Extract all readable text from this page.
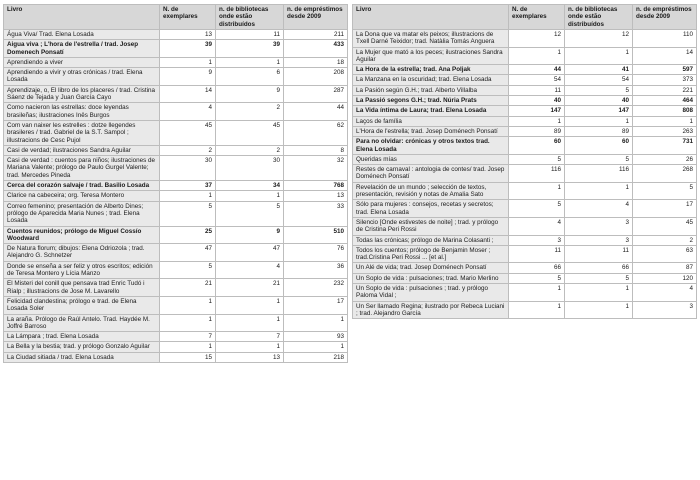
Livro	N. de exemplares	n. de bibliotecas onde estão distribuídos	n. de empréstimos desde 2009
Água Viva/ Trad. Elena Losada	13	11	211
Aigua viva ; L'hora de l'estrella / trad. Josep Domenech Ponsatí	39	39	433
Aprendiendo a viver	1	1	18
Aprendiendo a vivir y otras crónicas / trad. Elena Losada	9	6	208
Aprendizaje, o, El libro de los placeres / trad. Cristina Sáenz de Tejada y Juan García Cayo	14	9	287
Como nacieron las estrellas: doce leyendas brasileñas; ilustraciones Inês Burgos	4	2	44
Com van naixer les estrelles : dotze llegendes brasileres / trad. Gabriel de la S.T. Sampol ; illustracions de Cesc Pujol	45	45	62
Casi de verdad; ilustraciones Sandra Aguilar	2	2	8
Casi de verdad : cuentos para niños; ilustraciones de Mariana Valente; prólogo de Paulo Gurgel Valente; trad. Mercedes Pineda	30	30	32
Cerca del corazón salvaje / trad. Basilio Losada	37	34	768
Clarice na cabeceira; org. Teresa Montero	1	1	13
Correo femenino; presentación de Alberto Dines; prólogo de Aparecida Maria Nunes ; trad. Elena Losada	5	5	33
Cuentos reunidos; prólogo de Miguel Cossío Woodward	25	9	510
De Natura florum; dibujos: Elena Odriozola ; trad. Alejandro G. Schnetzer	47	47	76
Donde se enseña a ser feliz y otros escritos; edición de Teresa Montero y Lícia Manzo	5	4	36
El Misteri del conill que pensava trad Enric Tudó i Rialp ; illustracions de Jose M. Lavarello	21	21	232
Felicidad clandestina; prólogo e trad. de Elena Losada Soler	1	1	17
La araña. Prólogo de Raúl Antelo. Trad. Haydée M. Joffré Barroso	1	1	1
La Lámpara ; trad. Elena Losada	7	7	93
La Bella y la bestia; trad. y prólogo Gonzalo Aguilar	1	1	1
La Ciudad sitiada / trad. Elena Losada	15	13	218
Livro	N. de exemplares	n. de bibliotecas onde estão distribuídos	n. de empréstimos desde 2009
La Dona que va matar els peixos; illustracions de Txell Darné Teixidor; trad. Natàlia Tomás Anguera	12	12	110
La Mujer que mató a los peces; ilustraciones Sandra Aguilar	1	1	14
La Hora de la estrella; trad. Ana Poljak	44	41	597
La Manzana en la oscuridad; trad. Elena Losada	54	54	373
La Pasión según G.H.; trad. Alberto Villalba	11	5	221
La Passió segons G.H.; trad. Núria Prats	40	40	464
La Vida íntima de Laura; trad. Elena Losada	147	147	808
Laços de família	1	1	1
L'Hora de l'estrella; trad. Josep Doménech Ponsatí	89	89	263
Para no olvidar: crónicas y otros textos trad. Elena Losada	60	60	731
Queridas mías	5	5	26
Restes de carnaval : antologia de contes/ trad. Josep Doménech Ponsatí	116	116	268
Revelación de un mundo ; selección de textos, presentación, revisión y notas de Amalia Sato	1	1	5
Sólo para mujeres : consejos, recetas y secretos; trad. Elena Losada	5	4	17
Silencio [Onde estivestes de noite] ; trad. y prólogo de Cristina Peri Rossi	4	3	45
Todas las crónicas; prólogo de Marina Colasanti ;	3	3	2
Todos los cuentos; prólogo de Benjamin Moser ; trad.Cristina Peri Rossi ... [et al.]	11	11	63
Un Alé de vida; trad. Josep Doménech Ponsatí	66	66	87
Un Soplo de vida : pulsaciones; trad. Mario Merlino	5	5	120
Un Soplo de vida : pulsaciones ; trad. y prólogo Paloma Vidal ;	1	1	4
Un Ser llamado Regina; ilustrado por Rebeca Luciani ; trad. Alejandro García	1	1	3
